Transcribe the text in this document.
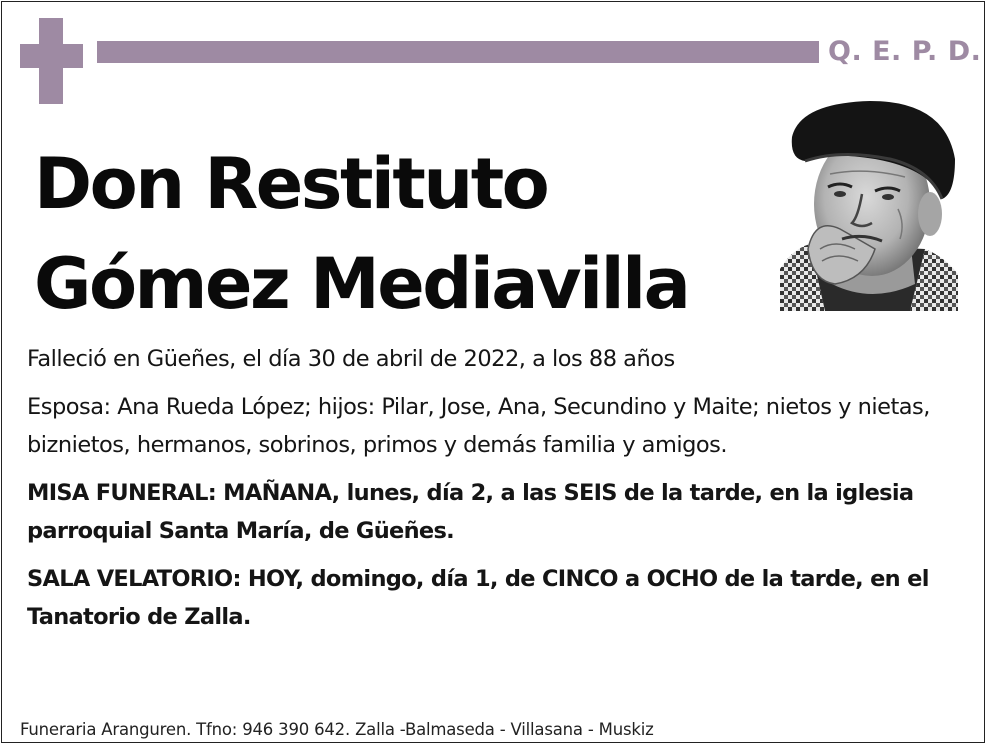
Q. E. P. D.
Don Restituto
Gómez Mediavilla

Falleció en Güeñes, el día 30 de abril de 2022, a los 88 años

Esposa: Ana Rueda López; hijos: Pilar, Jose, Ana, Secundino y Maite; nietos y nietas, biznietos, hermanos, sobrinos, primos y demás familia y amigos.

MISA FUNERAL: MAÑANA, lunes, día 2, a las SEIS de la tarde, en la iglesia parroquial Santa María, de Güeñes.

SALA VELATORIO: HOY, domingo, día 1, de CINCO a OCHO de la tarde, en el Tanatorio de Zalla.

Funeraria Aranguren. Tfno: 946 390 642. Zalla -Balmaseda - Villasana - Muskiz
